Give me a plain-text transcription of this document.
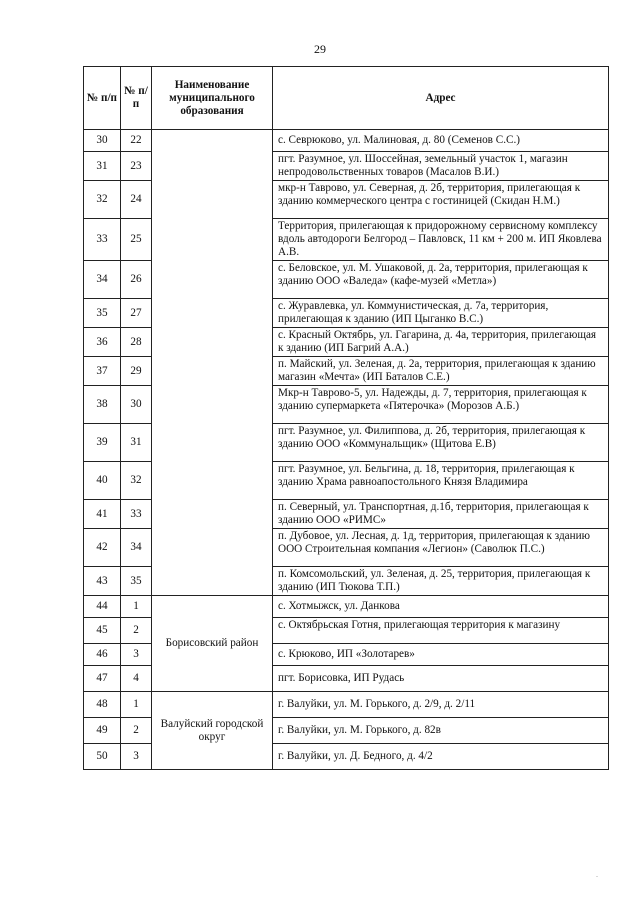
29
№ п/п	№ п/п	Наименование муниципального образования	Адрес
30	22		с. Севрюково, ул. Малиновая, д. 80 (Семенов С.С.)
31	23		пгт. Разумное, ул. Шоссейная, земельный участок 1, магазин непродовольственных товаров (Масалов В.И.)
32	24		мкр-н Таврово, ул. Северная, д. 2б, территория, прилегающая к зданию коммерческого центра с гостиницей (Скидан Н.М.)
33	25		Территория, прилегающая к придорожному сервисному комплексу вдоль автодороги Белгород – Павловск, 11 км + 200 м. ИП Яковлева А.В.
34	26		с. Беловское, ул. М. Ушаковой, д. 2а, территория, прилегающая к зданию ООО «Валеда» (кафе-музей «Метла»)
35	27		с. Журавлевка, ул. Коммунистическая, д. 7а, территория, прилегающая к зданию (ИП Цыганко В.С.)
36	28		с. Красный Октябрь, ул. Гагарина, д. 4а, территория, прилегающая к зданию (ИП Багрий А.А.)
37	29		п. Майский, ул. Зеленая, д. 2а, территория, прилегающая к зданию магазин «Мечта» (ИП Баталов С.Е.)
38	30		Мкр-н Таврово-5, ул. Надежды, д. 7, территория, прилегающая к зданию супермаркета «Пятерочка» (Морозов А.Б.)
39	31		пгт. Разумное, ул. Филиппова, д. 2б, территория, прилегающая к зданию ООО «Коммунальщик» (Щитова Е.В)
40	32		пгт. Разумное, ул. Бельгина, д. 18, территория, прилегающая к зданию Храма равноапостольного Князя Владимира
41	33		п. Северный, ул. Транспортная, д.1б, территория, прилегающая к зданию ООО «РИМС»
42	34		п. Дубовое, ул. Лесная, д. 1д, территория, прилегающая к зданию ООО Строительная компания «Легион» (Саволюк П.С.)
43	35		п. Комсомольский, ул. Зеленая, д. 25, территория, прилегающая к зданию (ИП Тюкова Т.П.)
44	1	Борисовский район	с. Хотмыжск, ул. Данкова
45	2		с. Октябрьская Готня, прилегающая территория к магазину
46	3		с. Крюково, ИП «Золотарев»
47	4		пгт. Борисовка, ИП Рудась
48	1	Валуйский городской округ	г. Валуйки, ул. М. Горького, д. 2/9, д. 2/11
49	2		г. Валуйки, ул. М. Горького, д. 82в
50	3		г. Валуйки, ул. Д. Бедного, д. 4/2
.
